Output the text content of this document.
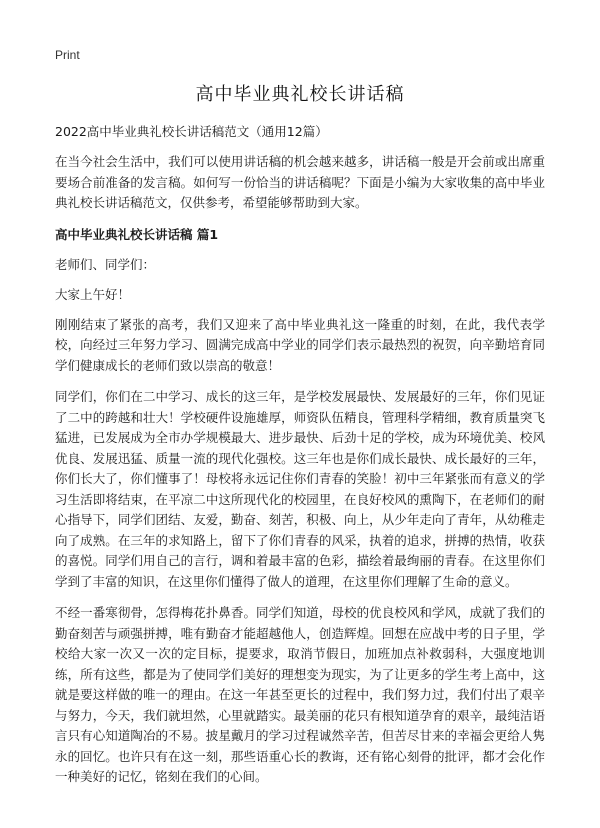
Print
高中毕业典礼校长讲话稿

2022高中毕业典礼校长讲话稿范文（通用12篇）

在当今社会生活中，我们可以使用讲话稿的机会越来越多，讲话稿一般是开会前或出席重要场合前准备的发言稿。如何写一份恰当的讲话稿呢？下面是小编为大家收集的高中毕业典礼校长讲话稿范文，仅供参考，希望能够帮助到大家。

高中毕业典礼校长讲话稿 篇1

老师们、同学们：

大家上午好！

刚刚结束了紧张的高考，我们又迎来了高中毕业典礼这一隆重的时刻，在此，我代表学校，向经过三年努力学习、圆满完成高中学业的同学们表示最热烈的祝贺，向辛勤培育同学们健康成长的老师们致以崇高的敬意！

同学们，你们在二中学习、成长的这三年，是学校发展最快、发展最好的三年，你们见证了二中的跨越和壮大！学校硬件设施雄厚，师资队伍精良，管理科学精细，教育质量突飞猛进，已发展成为全市办学规模最大、进步最快、后劲十足的学校，成为环境优美、校风优良、发展迅猛、质量一流的现代化强校。这三年也是你们成长最快、成长最好的三年，你们长大了，你们懂事了！母校将永远记住你们青春的笑脸！初中三年紧张而有意义的学习生活即将结束，在平凉二中这所现代化的校园里，在良好校风的熏陶下，在老师们的耐心指导下，同学们团结、友爱，勤奋、刻苦，积极、向上，从少年走向了青年，从幼稚走向了成熟。在三年的求知路上，留下了你们青春的风采，执着的追求，拼搏的热情，收获的喜悦。同学们用自己的言行，调和着最丰富的色彩，描绘着最绚丽的青春。在这里你们学到了丰富的知识，在这里你们懂得了做人的道理，在这里你们理解了生命的意义。

不经一番寒彻骨，怎得梅花扑鼻香。同学们知道，母校的优良校风和学风，成就了我们的勤奋刻苦与顽强拼搏，唯有勤奋才能超越他人，创造辉煌。回想在应战中考的日子里，学校给大家一次又一次的定目标，提要求，取消节假日，加班加点补救弱科，大强度地训练，所有这些，都是为了使同学们美好的理想变为现实，为了让更多的学生考上高中，这就是要这样做的唯一的理由。在这一年甚至更长的过程中，我们努力过，我们付出了艰辛与努力，今天，我们就坦然，心里就踏实。最美丽的花只有根知道孕育的艰辛，最纯洁语言只有心知道陶冶的不易。披星戴月的学习过程诚然辛苦，但苦尽甘来的幸福会更给人隽永的回忆。也许只有在这一刻，那些语重心长的教诲，还有铭心刻骨的批评，都才会化作一种美好的记忆，铭刻在我们的心间。
